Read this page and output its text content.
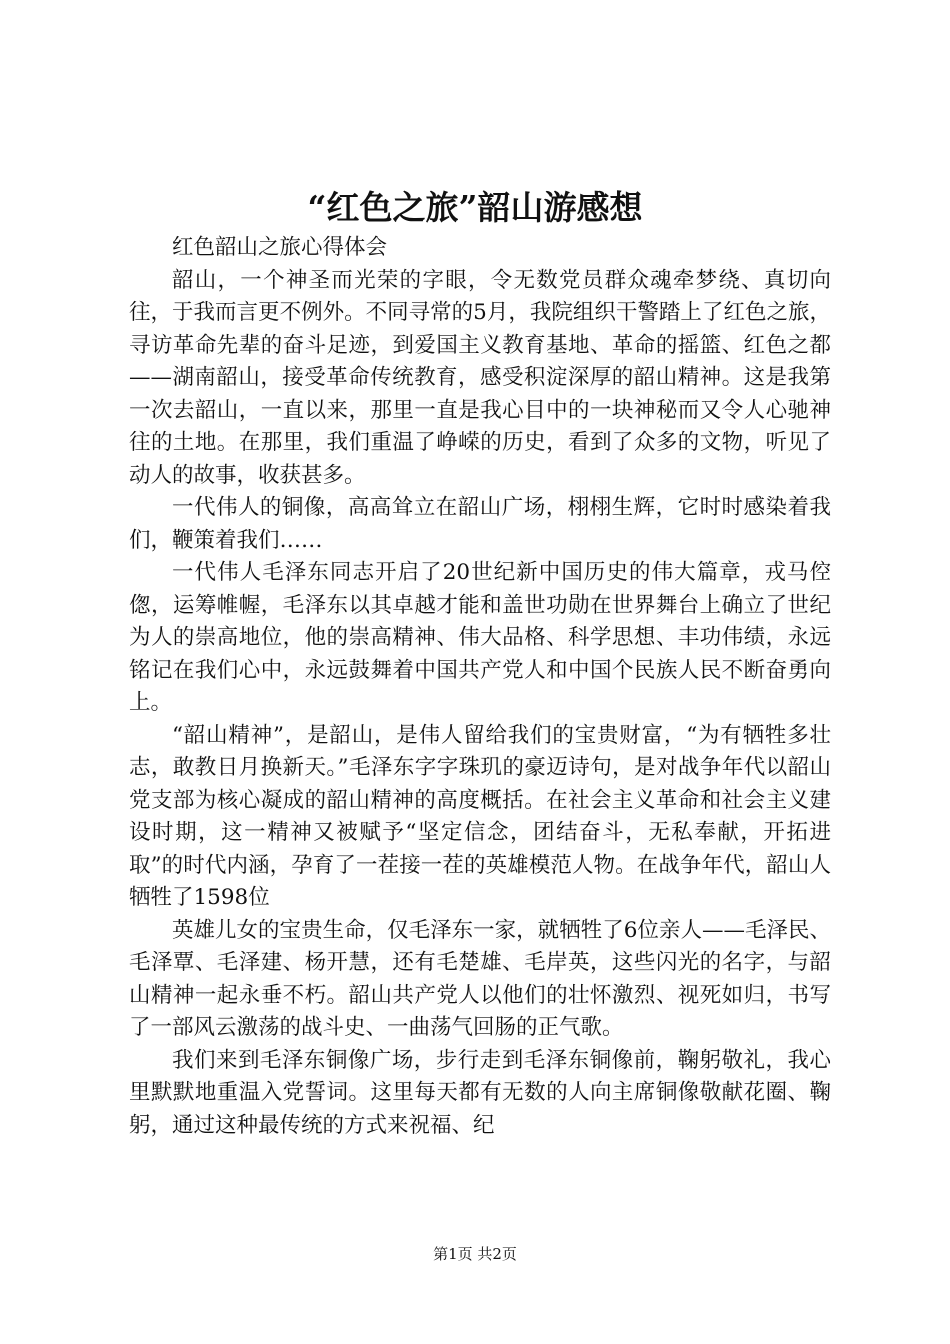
“红色之旅”韶山游感想

红色韶山之旅心得体会

韶山，一个神圣而光荣的字眼，令无数党员群众魂牵梦绕、真切向往，于我而言更不例外。不同寻常的5月，我院组织干警踏上了红色之旅，寻访革命先辈的奋斗足迹，到爱国主义教育基地、革命的摇篮、红色之都——湖南韶山，接受革命传统教育，感受积淀深厚的韶山精神。这是我第一次去韶山，一直以来，那里一直是我心目中的一块神秘而又令人心驰神往的土地。在那里，我们重温了峥嵘的历史，看到了众多的文物，听见了动人的故事，收获甚多。

一代伟人的铜像，高高耸立在韶山广场，栩栩生辉，它时时感染着我们，鞭策着我们……

一代伟人毛泽东同志开启了20世纪新中国历史的伟大篇章，戎马倥偬，运筹帷幄，毛泽东以其卓越才能和盖世功勋在世界舞台上确立了世纪为人的崇高地位，他的崇高精神、伟大品格、科学思想、丰功伟绩，永远铭记在我们心中，永远鼓舞着中国共产党人和中国个民族人民不断奋勇向上。

“韶山精神”，是韶山，是伟人留给我们的宝贵财富，“为有牺牲多壮志，敢教日月换新天。”毛泽东字字珠玑的豪迈诗句，是对战争年代以韶山党支部为核心凝成的韶山精神的高度概括。在社会主义革命和社会主义建设时期，这一精神又被赋予“坚定信念，团结奋斗，无私奉献，开拓进取”的时代内涵，孕育了一茬接一茬的英雄模范人物。在战争年代，韶山人牺牲了1598位

英雄儿女的宝贵生命，仅毛泽东一家，就牺牲了6位亲人——毛泽民、毛泽覃、毛泽建、杨开慧，还有毛楚雄、毛岸英，这些闪光的名字，与韶山精神一起永垂不朽。韶山共产党人以他们的壮怀激烈、视死如归，书写了一部风云激荡的战斗史、一曲荡气回肠的正气歌。

我们来到毛泽东铜像广场，步行走到毛泽东铜像前，鞠躬敬礼，我心里默默地重温入党誓词。这里每天都有无数的人向主席铜像敬献花圈、鞠躬，通过这种最传统的方式来祝福、纪

第1页 共2页
